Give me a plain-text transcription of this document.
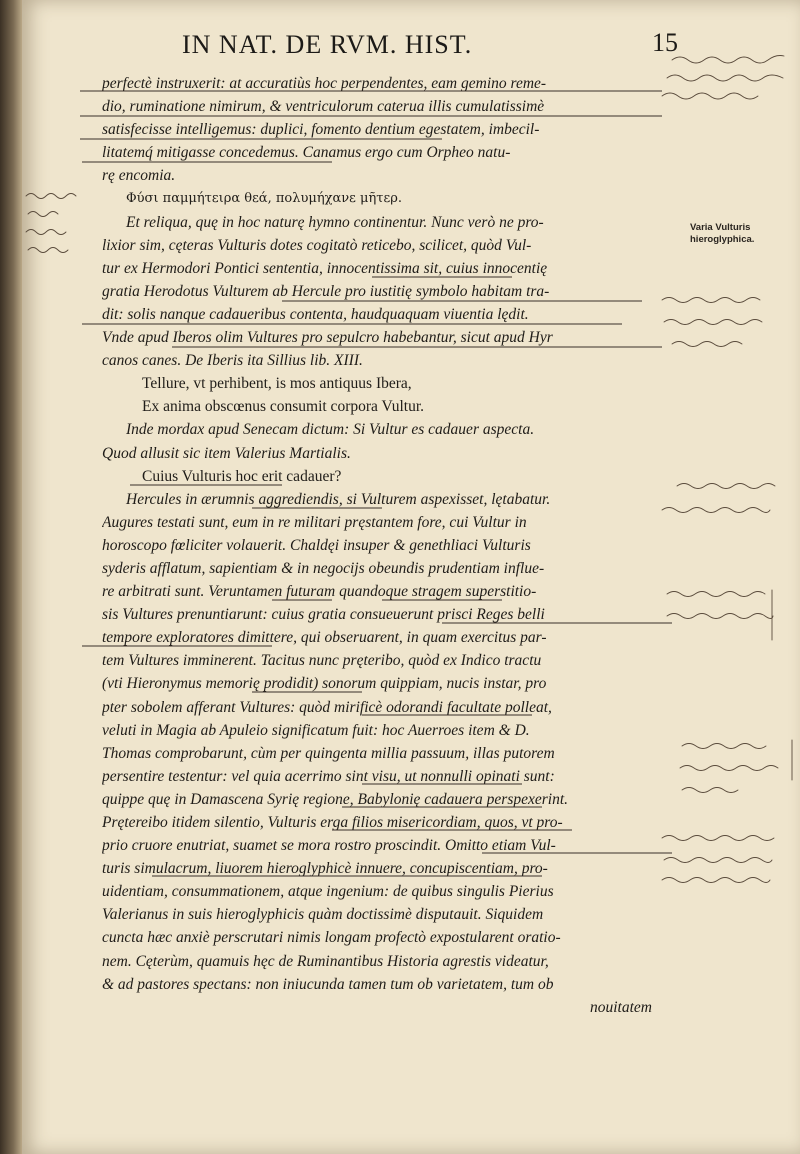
IN NAT. DE RVM. HIST.	15

perfectè instruxerit: at accuratiùs hoc perpendentes, eam gemino reme-

dio, ruminatione nimirum, & ventriculorum caterua illis cumulatissimè

satisfecisse intelligemus: duplici, fomento dentium egestatem, imbecil-

litatemq́ mitigasse concedemus. Canamus ergo cum Orpheo natu-

rę encomia.

Φύσι παμμήτειρα θεά, πολυμήχανε μῆτερ.

Et reliqua, quę in hoc naturę hymno continentur. Nunc verò ne pro-

lixior sim, cęteras Vulturis dotes cogitatò reticebo, scilicet, quòd Vul-

tur ex Hermodori Pontici sententia, innocentissima sit, cuius innocentię

gratia Herodotus Vulturem ab Hercule pro iustitię symbolo habitam tra-

dit: solis nanque cadaueribus contenta, haudquaquam viuentia lędit.

Vnde apud Iberos olim Vultures pro sepulcro habebantur, sicut apud Hyr

canos canes. De Iberis ita Sillius lib. XIII.

Tellure, vt perhibent, is mos antiquus Ibera,

Ex anima obscœnus consumit corpora Vultur.

Inde mordax apud Senecam dictum: Si Vultur es cadauer aspecta.

Quod allusit sic item Valerius Martialis.

Cuius Vulturis hoc erit cadauer?

Hercules in ærumnis aggrediendis, si Vulturem aspexisset, lętabatur.

Augures testati sunt, eum in re militari pręstantem fore, cui Vultur in

horoscopo fœliciter volauerit. Chaldęi insuper & genethliaci Vulturis

syderis afflatum, sapientiam & in negocijs obeundis prudentiam influe-

re arbitrati sunt. Veruntamen futuram quandoque stragem superstitio-

sis Vultures prenuntiarunt: cuius gratia consueuerunt prisci Reges belli

tempore exploratores dimittere, qui obseruarent, in quam exercitus par-

tem Vultures imminerent. Tacitus nunc pręteribo, quòd ex Indico tractu

(vti Hieronymus memorię prodidit) sonorum quippiam, nucis instar, pro

pter sobolem afferant Vultures: quòd mirificè odorandi facultate polleat,

veluti in Magia ab Apuleio significatum fuit: hoc Auerroes item & D.

Thomas comprobarunt, cùm per quingenta millia passuum, illas putorem

persentire testentur: vel quia acerrimo sint visu, ut nonnulli opinati sunt:

quippe quę in Damascena Syrię regione, Babylonię cadauera perspexerint.

Prętereibo itidem silentio, Vulturis erga filios misericordiam, quos, vt pro-

prio cruore enutriat, suamet se mora rostro proscindit. Omitto etiam Vul-

turis simulacrum, liuorem hieroglyphicè innuere, concupiscentiam, pro-

uidentiam, consummationem, atque ingenium: de quibus singulis Pierius

Valerianus in suis hieroglyphicis quàm doctissimè disputauit. Siquidem

cuncta hæc anxiè perscrutari nimis longam profectò expostularent oratio-

nem. Cęterùm, quamuis hęc de Ruminantibus Historia agrestis videatur,

& ad pastores spectans: non iniucunda tamen tum ob varietatem, tum ob

nouitatem

Varia Vulturis hieroglyphica.
